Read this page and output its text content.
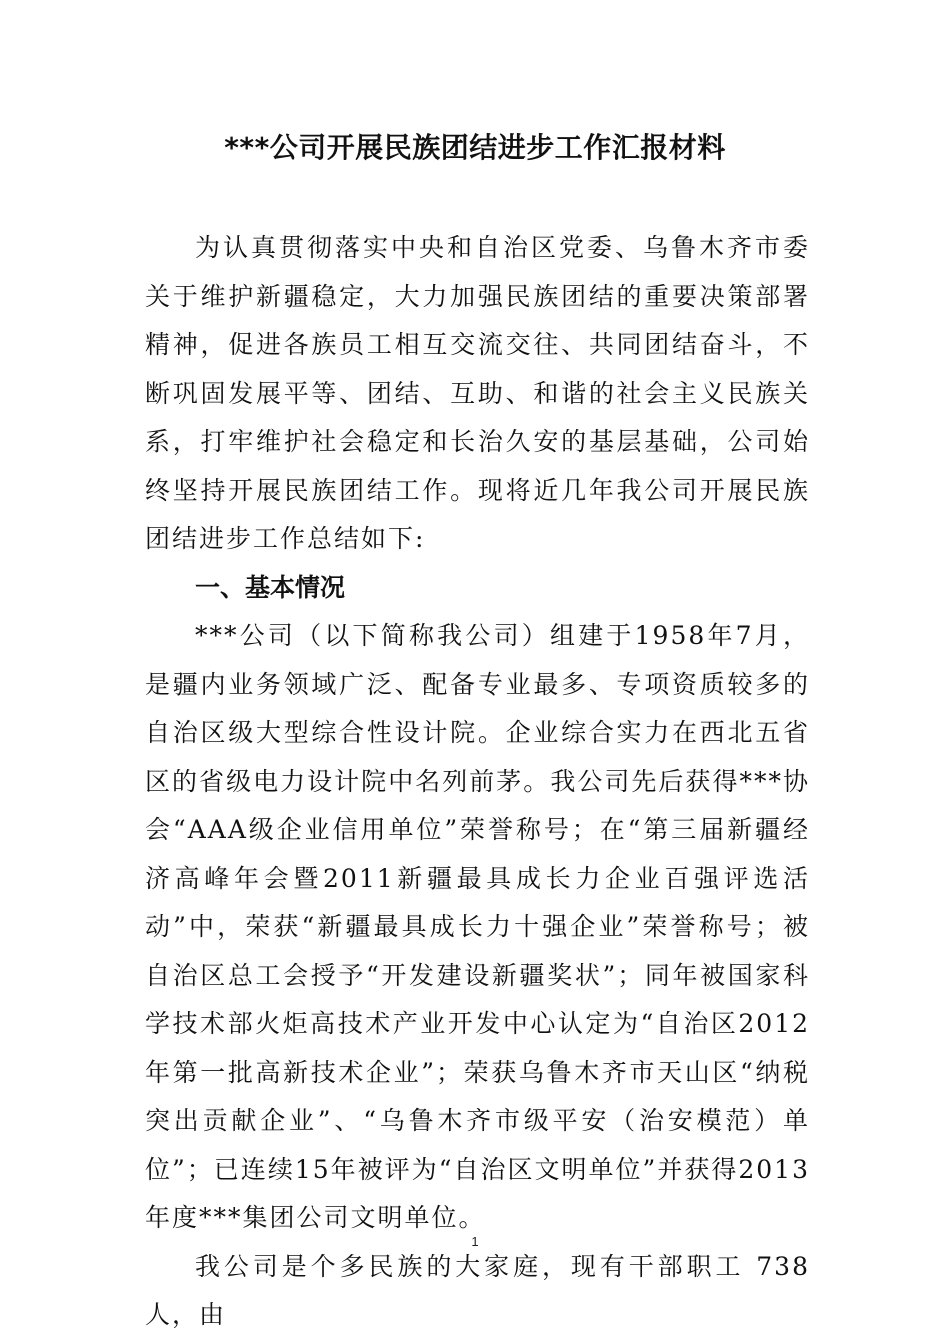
***公司开展民族团结进步工作汇报材料

为认真贯彻落实中央和自治区党委、乌鲁木齐市委关于维护新疆稳定，大力加强民族团结的重要决策部署精神，促进各族员工相互交流交往、共同团结奋斗，不断巩固发展平等、团结、互助、和谐的社会主义民族关系，打牢维护社会稳定和长治久安的基层基础，公司始终坚持开展民族团结工作。现将近几年我公司开展民族团结进步工作总结如下:

一、基本情况

***公司（以下简称我公司）组建于1958年7月，是疆内业务领域广泛、配备专业最多、专项资质较多的自治区级大型综合性设计院。企业综合实力在西北五省区的省级电力设计院中名列前茅。我公司先后获得***协会“AAA级企业信用单位”荣誉称号；在“第三届新疆经济高峰年会暨2011新疆最具成长力企业百强评选活动”中，荣获“新疆最具成长力十强企业”荣誉称号；被自治区总工会授予“开发建设新疆奖状”；同年被国家科学技术部火炬高技术产业开发中心认定为“自治区2012年第一批高新技术企业”；荣获乌鲁木齐市天山区“纳税突出贡献企业”、“乌鲁木齐市级平安（治安模范）单位”；已连续15年被评为“自治区文明单位”并获得2013年度***集团公司文明单位。

我公司是个多民族的大家庭，现有干部职工 738 人，由

1
